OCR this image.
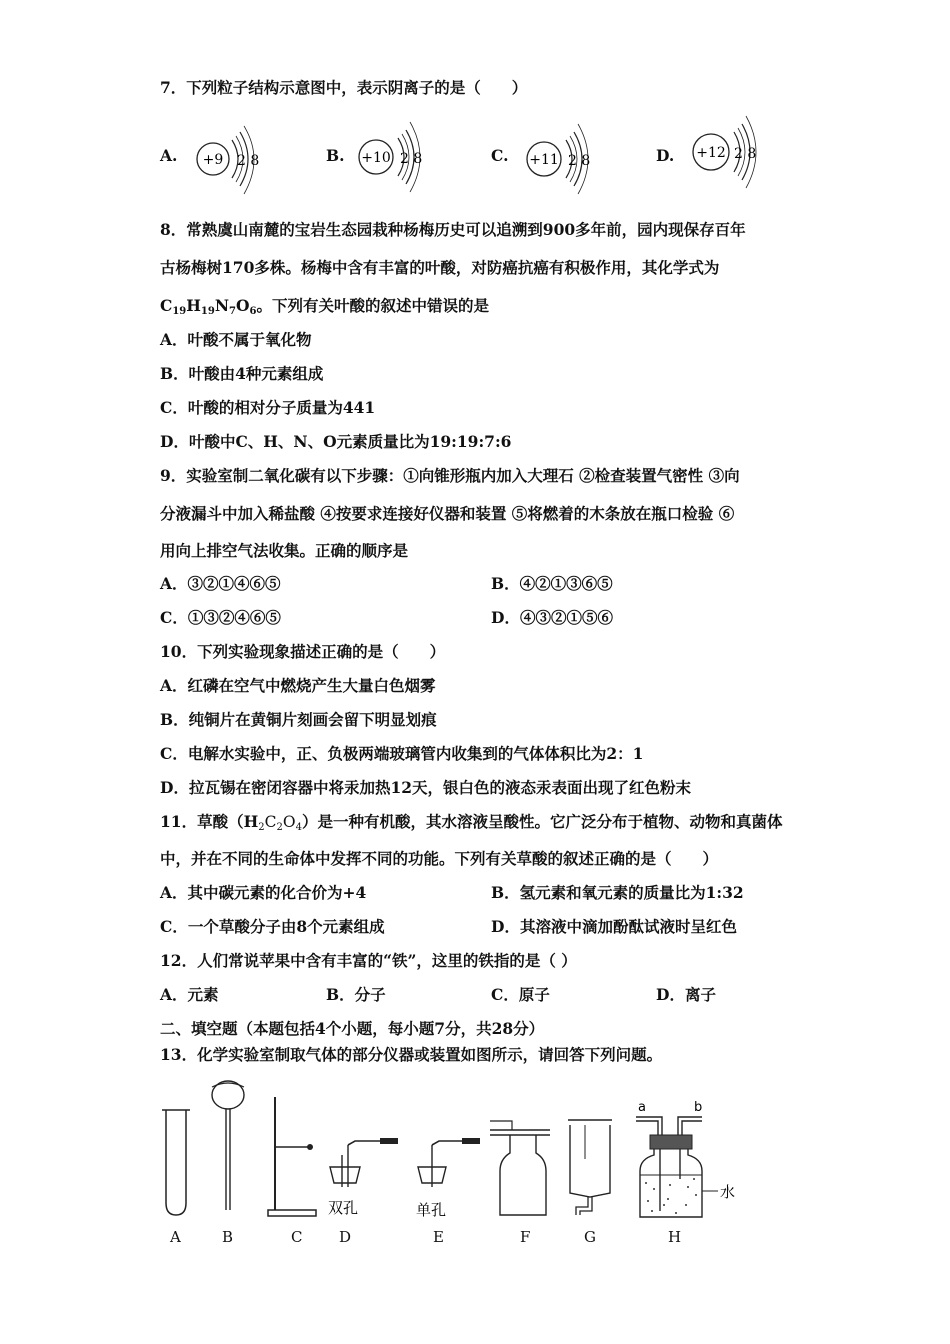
7．下列粒子结构示意图中，表示阴离子的是（　　）
A. +9 2 8	B. +10 2 8	C. +11 2 8	D. +12 2 8
8．常熟虞山南麓的宝岩生态园栽种杨梅历史可以追溯到900多年前，园内现保存百年
古杨梅树170多株。杨梅中含有丰富的叶酸，对防癌抗癌有积极作用，其化学式为
$C_{19}H_{19}N_7O_6$。下列有关叶酸的叙述中错误的是
A．叶酸不属于氧化物
B．叶酸由4种元素组成
C．叶酸的相对分子质量为441
D．叶酸中C、H、N、O元素质量比为19:19:7:6
9．实验室制二氧化碳有以下步骤：①向锥形瓶内加入大理石 ②检查装置气密性 ③向
分液漏斗中加入稀盐酸 ④按要求连接好仪器和装置 ⑤将燃着的木条放在瓶口检验 ⑥
用向上排空气法收集。正确的顺序是
A．③②①④⑥⑤	B．④②①③⑥⑤
C．①③②④⑥⑤	D．④③②①⑤⑥
10．下列实验现象描述正确的是（　　）
A．红磷在空气中燃烧产生大量白色烟雾
B．纯铜片在黄铜片刻画会留下明显划痕
C．电解水实验中，正、负极两端玻璃管内收集到的气体体积比为2：1
D．拉瓦锡在密闭容器中将汞加热12天，银白色的液态汞表面出现了红色粉末
11．草酸$(H_2C_2O_4)$是一种有机酸，其水溶液呈酸性。它广泛分布于植物、动物和真菌体
中，并在不同的生命体中发挥不同的功能。下列有关草酸的叙述正确的是（　　）
A．其中碳元素的化合价为+4	B．氢元素和氧元素的质量比为1:32
C．一个草酸分子由8个元素组成	D．其溶液中滴加酚酞试液时呈红色
12．人们常说苹果中含有丰富的“铁”，这里的铁指的是（ ）
A．元素	B．分子	C．原子	D．离子
二、填空题（本题包括4个小题，每小题7分，共28分）
13．化学实验室制取气体的部分仪器或装置如图所示，请回答下列问题。
双孔	单孔
a	b
水
A	B	C D	E	F	G	H
